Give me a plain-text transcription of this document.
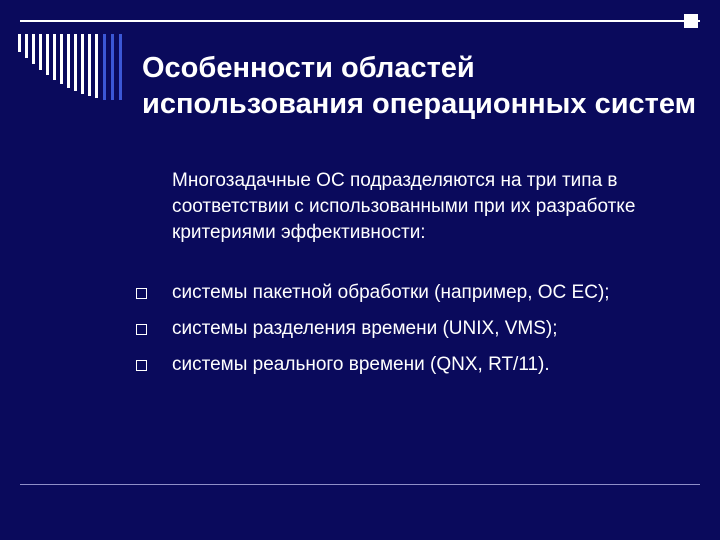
Особенности областей использования операционных систем

Многозадачные ОС подразделяются на три типа в соответствии с использованными при их разработке критериями эффективности:

системы пакетной обработки (например, ОС ЕС);
системы разделения времени (UNIX, VMS);
системы реального времени (QNX, RT/11).
